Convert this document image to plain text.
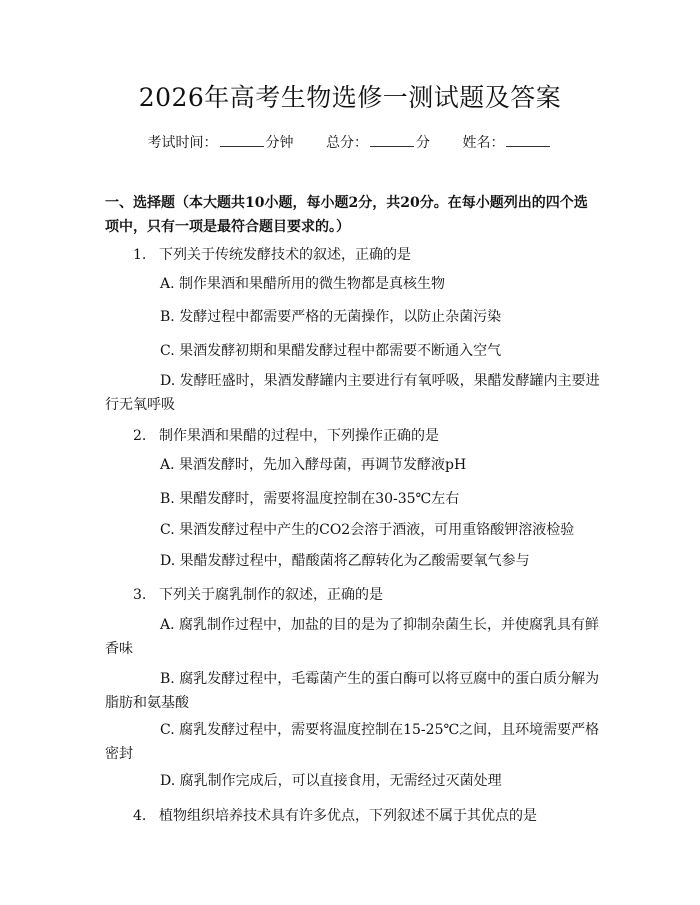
2026年高考生物选修一测试题及答案
考试时间：	分钟 总分：	分 姓名：
一、选择题（本大题共10小题，每小题2分，共20分。在每小题列出的四个选项中，只有一项是最符合题目要求的。）
1. 下列关于传统发酵技术的叙述，正确的是
A. 制作果酒和果醋所用的微生物都是真核生物
B. 发酵过程中都需要严格的无菌操作，以防止杂菌污染
C. 果酒发酵初期和果醋发酵过程中都需要不断通入空气
D. 发酵旺盛时，果酒发酵罐内主要进行有氧呼吸，果醋发酵罐内主要进行无氧呼吸
2. 制作果酒和果醋的过程中，下列操作正确的是
A. 果酒发酵时，先加入酵母菌，再调节发酵液pH
B. 果醋发酵时，需要将温度控制在30-35℃左右
C. 果酒发酵过程中产生的CO2会溶于酒液，可用重铬酸钾溶液检验
D. 果醋发酵过程中，醋酸菌将乙醇转化为乙酸需要氧气参与
3. 下列关于腐乳制作的叙述，正确的是
A. 腐乳制作过程中，加盐的目的是为了抑制杂菌生长，并使腐乳具有鲜香味
B. 腐乳发酵过程中，毛霉菌产生的蛋白酶可以将豆腐中的蛋白质分解为脂肪和氨基酸
C. 腐乳发酵过程中，需要将温度控制在15-25℃之间，且环境需要严格密封
D. 腐乳制作完成后，可以直接食用，无需经过灭菌处理
4. 植物组织培养技术具有许多优点，下列叙述不属于其优点的是
